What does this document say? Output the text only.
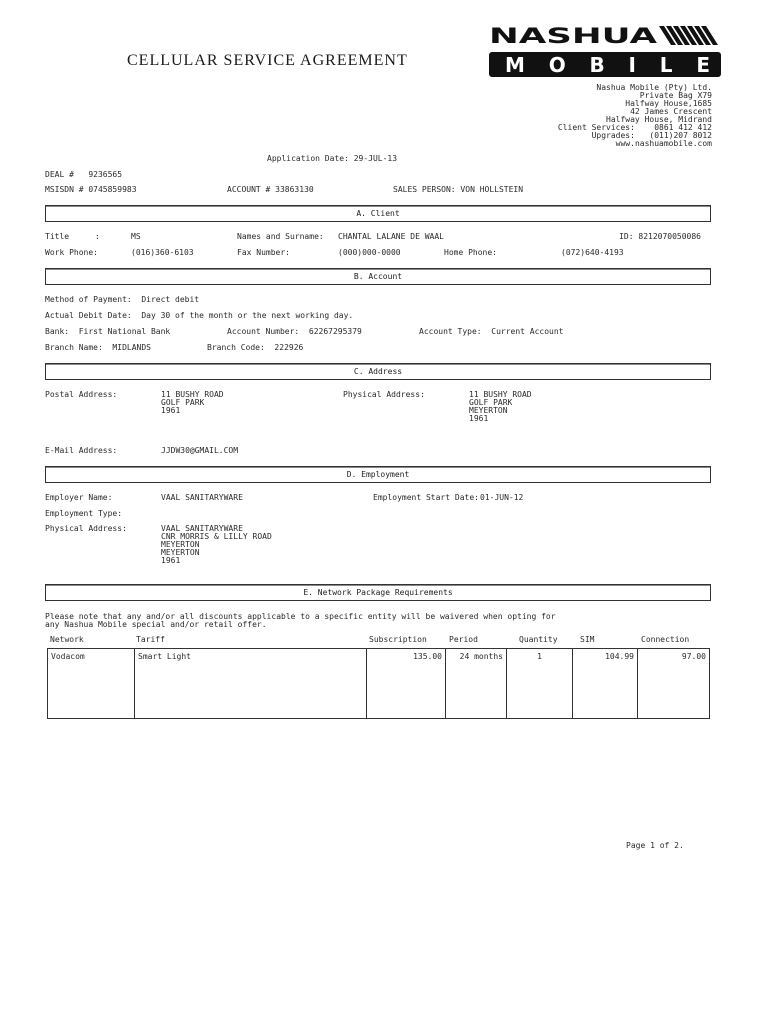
NASHUA
MOBILE
CELLULAR SERVICE AGREEMENT
Nashua Mobile (Pty) Ltd.
Private Bag X79
Halfway House,1685
42 James Crescent
Halfway House, Midrand
Client Services:    0861 412 412
Upgrades:   (011)207 8012
www.nashuamobile.com
Application Date: 29-JUL-13
DEAL #   9236565
MSISDN # 0745859983	ACCOUNT # 33863130	SALES PERSON: VON HOLLSTEIN
A. Client
Title	:	MS	Names and Surname: CHANTAL LALANE DE WAAL	ID: 8212070050086
Work Phone:	(016)360-6103	Fax Number:	(000)000-0000	Home Phone:	(072)640-4193
B. Account
Method of Payment:  Direct debit
Actual Debit Date:  Day 30 of the month or the next working day.
Bank:  First National Bank	Account Number:  62267295379	Account Type:  Current Account
Branch Name:  MIDLANDS	Branch Code:  222926
C. Address
Postal Address:	11 BUSHY ROAD
GOLF PARK
1961
Physical Address:	11 BUSHY ROAD
GOLF PARK
MEYERTON
1961
E-Mail Address:	JJDW30@GMAIL.COM
D. Employment
Employer Name:	VAAL SANITARYWARE	Employment Start Date: 01-JUN-12
Employment Type:
Physical Address:	VAAL SANITARYWARE
CNR MORRIS & LILLY ROAD
MEYERTON
MEYERTON
1961
E. Network Package Requirements
Please note that any and/or all discounts applicable to a specific entity will be waivered when opting for
any Nashua Mobile special and/or retail offer.
Network	Tariff	Subscription	Period	Quantity	SIM	Connection
Vodacom	Smart Light	135.00	24 months	1	104.99	97.00
Page 1 of 2.
